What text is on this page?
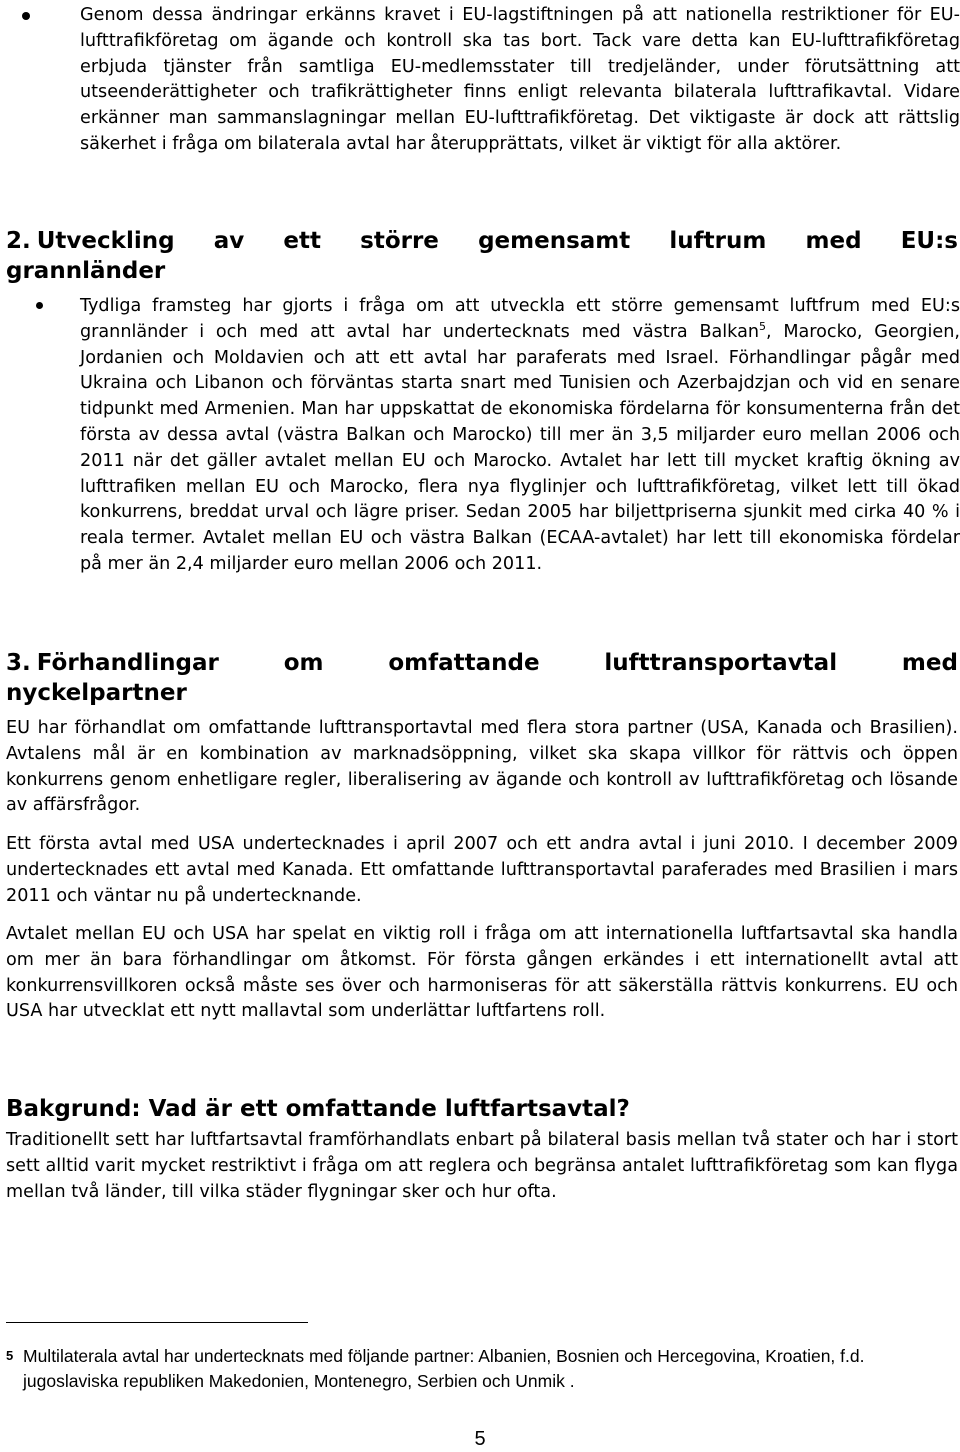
Genom dessa ändringar erkänns kravet i EU-lagstiftningen på att nationella restriktioner för EU-lufttrafikföretag om ägande och kontroll ska tas bort. Tack vare detta kan EU-lufttrafikföretag erbjuda tjänster från samtliga EU-medlemsstater till tredjeländer, under förutsättning att utseenderättigheter och trafikrättigheter finns enligt relevanta bilaterala lufttrafikavtal. Vidare erkänner man sammanslagningar mellan EU-lufttrafikföretag. Det viktigaste är dock att rättslig säkerhet i fråga om bilaterala avtal har återupprättats, vilket är viktigt för alla aktörer.

2. Utveckling av ett större gemensamt luftrum med EU:s
grannländer

Tydliga framsteg har gjorts i fråga om att utveckla ett större gemensamt luftfrum med EU:s grannländer i och med att avtal har undertecknats med västra Balkan$^5$, Marocko, Georgien, Jordanien och Moldavien och att ett avtal har paraferats med Israel. Förhandlingar pågår med Ukraina och Libanon och förväntas starta snart med Tunisien och Azerbajdzjan och vid en senare tidpunkt med Armenien. Man har uppskattat de ekonomiska fördelarna för konsumenterna från det första av dessa avtal (västra Balkan och Marocko) till mer än 3,5 miljarder euro mellan 2006 och 2011 när det gäller avtalet mellan EU och Marocko. Avtalet har lett till mycket kraftig ökning av lufttrafiken mellan EU och Marocko, flera nya flyglinjer och lufttrafikföretag, vilket lett till ökad konkurrens, breddat urval och lägre priser. Sedan 2005 har biljettpriserna sjunkit med cirka 40 % i reala termer. Avtalet mellan EU och västra Balkan (ECAA-avtalet) har lett till ekonomiska fördelar på mer än 2,4 miljarder euro mellan 2006 och 2011.

3. Förhandlingar	om	omfattande	lufttransportavtal	med
nyckelpartner

EU har förhandlat om omfattande lufttransportavtal med flera stora partner (USA, Kanada och Brasilien). Avtalens mål är en kombination av marknadsöppning, vilket ska skapa villkor för rättvis och öppen konkurrens genom enhetligare regler, liberalisering av ägande och kontroll av lufttrafikföretag och lösande av affärsfrågor.

Ett första avtal med USA undertecknades i april 2007 och ett andra avtal i juni 2010. I december 2009 undertecknades ett avtal med Kanada. Ett omfattande lufttransportavtal paraferades med Brasilien i mars 2011 och väntar nu på undertecknande.

Avtalet mellan EU och USA har spelat en viktig roll i fråga om att internationella luftfartsavtal ska handla om mer än bara förhandlingar om åtkomst. För första gången erkändes i ett internationellt avtal att konkurrensvillkoren också måste ses över och harmoniseras för att säkerställa rättvis konkurrens. EU och USA har utvecklat ett nytt mallavtal som underlättar luftfartens roll.

Bakgrund: Vad är ett omfattande luftfartsavtal?

Traditionellt sett har luftfartsavtal framförhandlats enbart på bilateral basis mellan två stater och har i stort sett alltid varit mycket restriktivt i fråga om att reglera och begränsa antalet lufttrafikföretag som kan flyga mellan två länder, till vilka städer flygningar sker och hur ofta.

5 Multilaterala avtal har undertecknats med följande partner: Albanien, Bosnien och Hercegovina, Kroatien, f.d. jugoslaviska republiken Makedonien, Montenegro, Serbien och Unmik .
5
